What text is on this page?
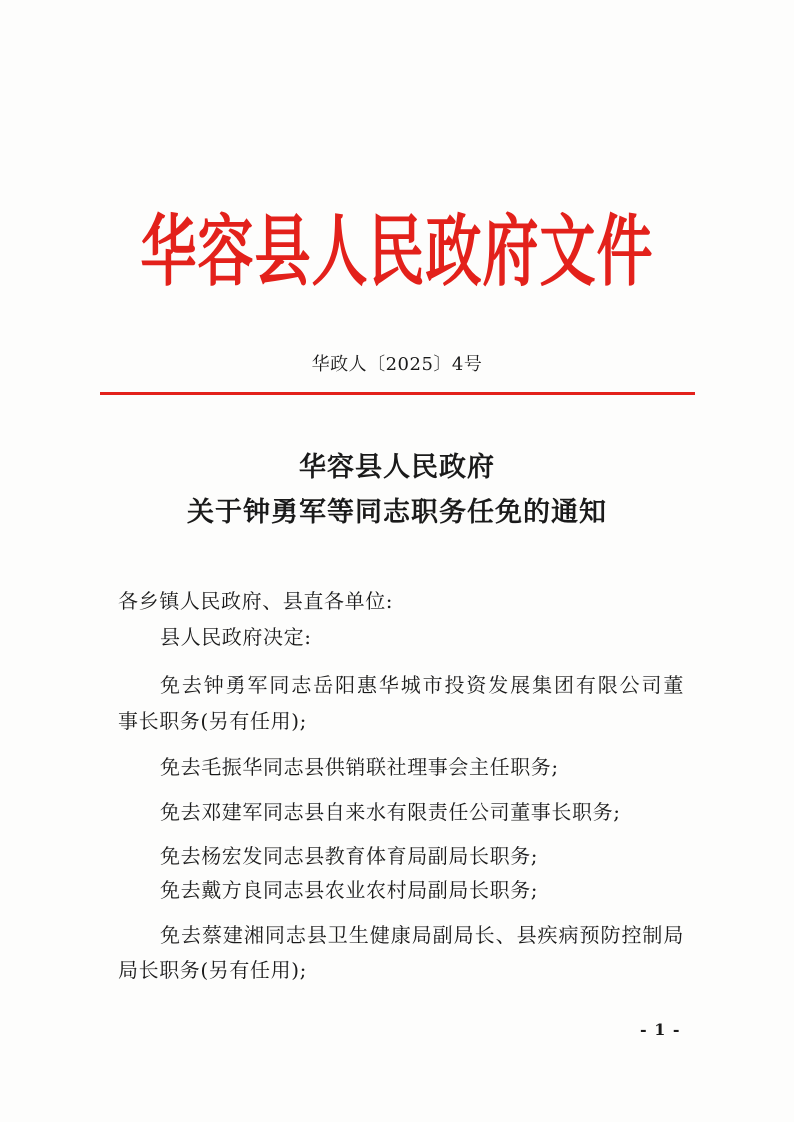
华容县人民政府文件
华政人〔2025〕4号
华容县人民政府
关于钟勇军等同志职务任免的通知
各乡镇人民政府、县直各单位:
县人民政府决定:
免去钟勇军同志岳阳惠华城市投资发展集团有限公司董
事长职务(另有任用);
免去毛振华同志县供销联社理事会主任职务;
免去邓建军同志县自来水有限责任公司董事长职务;
免去杨宏发同志县教育体育局副局长职务;
免去戴方良同志县农业农村局副局长职务;
免去蔡建湘同志县卫生健康局副局长、县疾病预防控制局
局长职务(另有任用);
- 1 -
